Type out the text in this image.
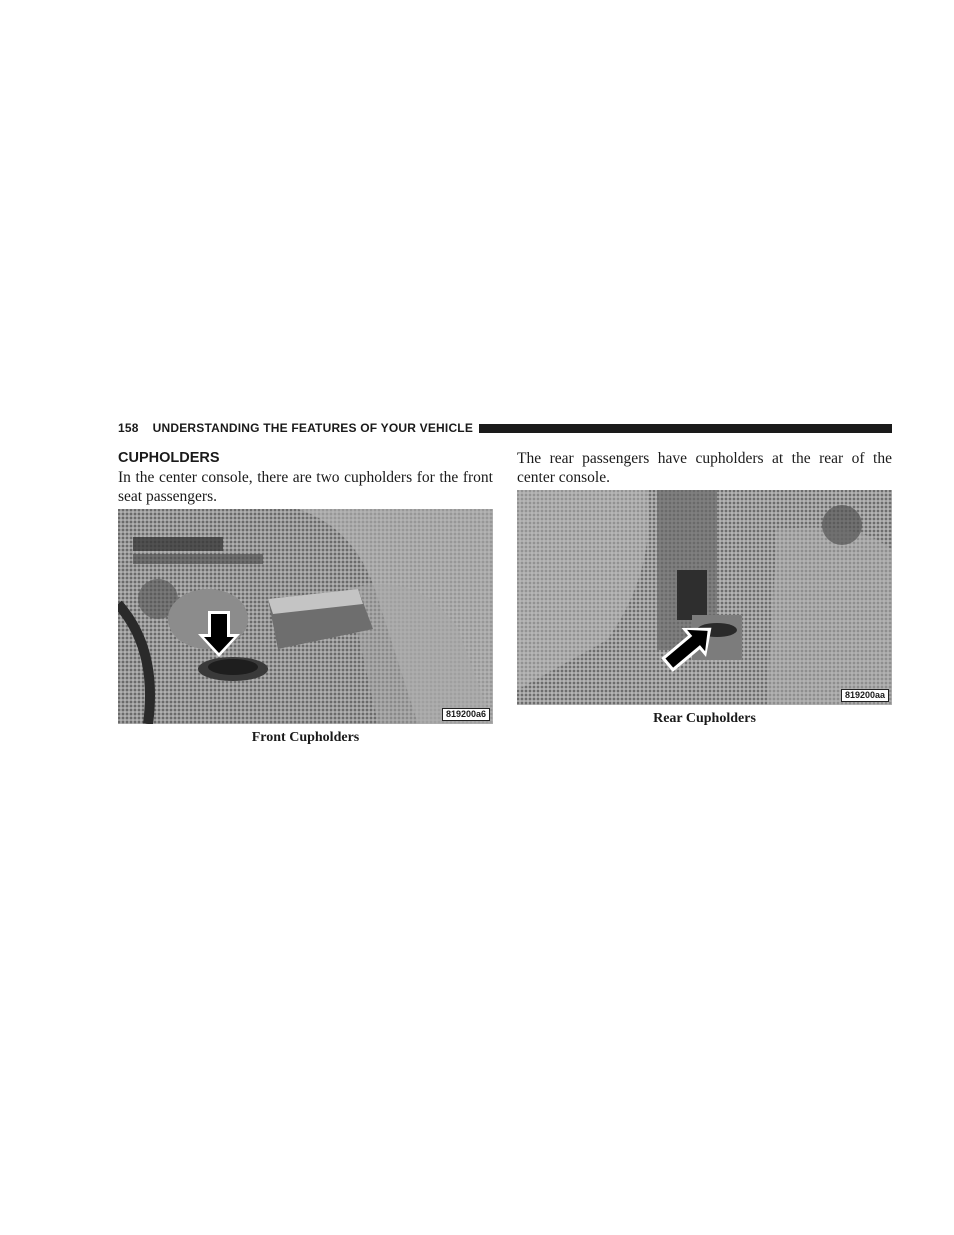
158 UNDERSTANDING THE FEATURES OF YOUR VEHICLE
CUPHOLDERS

In the center console, there are two cupholders for the front seat passengers.

The rear passengers have cupholders at the rear of the center console.

819200a6
Front Cupholders
819200aa
Rear Cupholders
